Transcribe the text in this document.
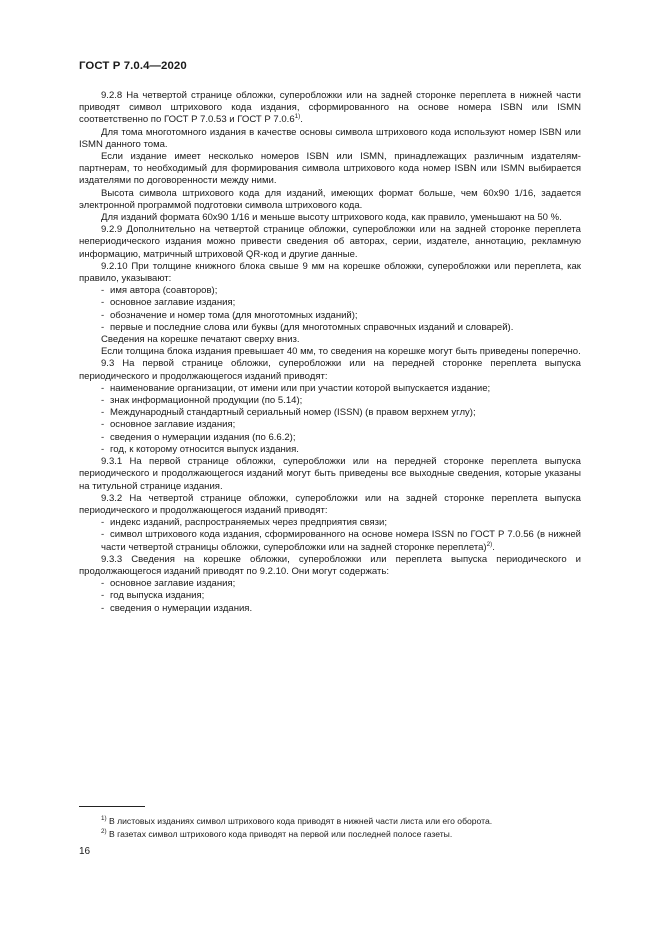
ГОСТ Р 7.0.4—2020

9.2.8 На четвертой странице обложки, суперобложки или на задней сторонке переплета в нижней части приводят символ штрихового кода издания, сформированного на основе номера ISBN или ISMN соответственно по ГОСТ Р 7.0.53 и ГОСТ Р 7.0.6$^{1)}$.

Для тома многотомного издания в качестве основы символа штрихового кода используют номер ISBN или ISMN данного тома.

Если издание имеет несколько номеров ISBN или ISMN, принадлежащих различным издателям-партнерам, то необходимый для формирования символа штрихового кода номер ISBN или ISMN выбирается издателями по договоренности между ними.

Высота символа штрихового кода для изданий, имеющих формат больше, чем 60x90 1/16, задается электронной программой подготовки символа штрихового кода.

Для изданий формата 60x90 1/16 и меньше высоту штрихового кода, как правило, уменьшают на 50 %.

9.2.9 Дополнительно на четвертой странице обложки, суперобложки или на задней сторонке переплета непериодического издания можно привести сведения об авторах, серии, издателе, аннотацию, рекламную информацию, матричный штриховой QR-код и другие данные.

9.2.10 При толщине книжного блока свыше 9 мм на корешке обложки, суперобложки или переплета, как правило, указывают:

- имя автора (соавторов);

- основное заглавие издания;

- обозначение и номер тома (для многотомных изданий);

- первые и последние слова или буквы (для многотомных справочных изданий и словарей).

Сведения на корешке печатают сверху вниз.

Если толщина блока издания превышает 40 мм, то сведения на корешке могут быть приведены поперечно.

9.3 На первой странице обложки, суперобложки или на передней сторонке переплета выпуска периодического и продолжающегося изданий приводят:

- наименование организации, от имени или при участии которой выпускается издание;

- знак информационной продукции (по 5.14);

- Международный стандартный сериальный номер (ISSN) (в правом верхнем углу);

- основное заглавие издания;

- сведения о нумерации издания (по 6.6.2);

- год, к которому относится выпуск издания.

9.3.1 На первой странице обложки, суперобложки или на передней сторонке переплета выпуска периодического и продолжающегося изданий могут быть приведены все выходные сведения, которые указаны на титульной странице издания.

9.3.2 На четвертой странице обложки, суперобложки или на задней сторонке переплета выпуска периодического и продолжающегося изданий приводят:

- индекс изданий, распространяемых через предприятия связи;

- символ штрихового кода издания, сформированного на основе номера ISSN по ГОСТ Р 7.0.56 (в нижней части четвертой страницы обложки, суперобложки или на задней сторонке переплета)$^{2)}$.

9.3.3 Сведения на корешке обложки, суперобложки или переплета выпуска периодического и продолжающегося изданий приводят по 9.2.10. Они могут содержать:

- основное заглавие издания;

- год выпуска издания;

- сведения о нумерации издания.

$^{1)}$ В листовых изданиях символ штрихового кода приводят в нижней части листа или его оборота.

$^{2)}$ В газетах символ штрихового кода приводят на первой или последней полосе газеты.

16
